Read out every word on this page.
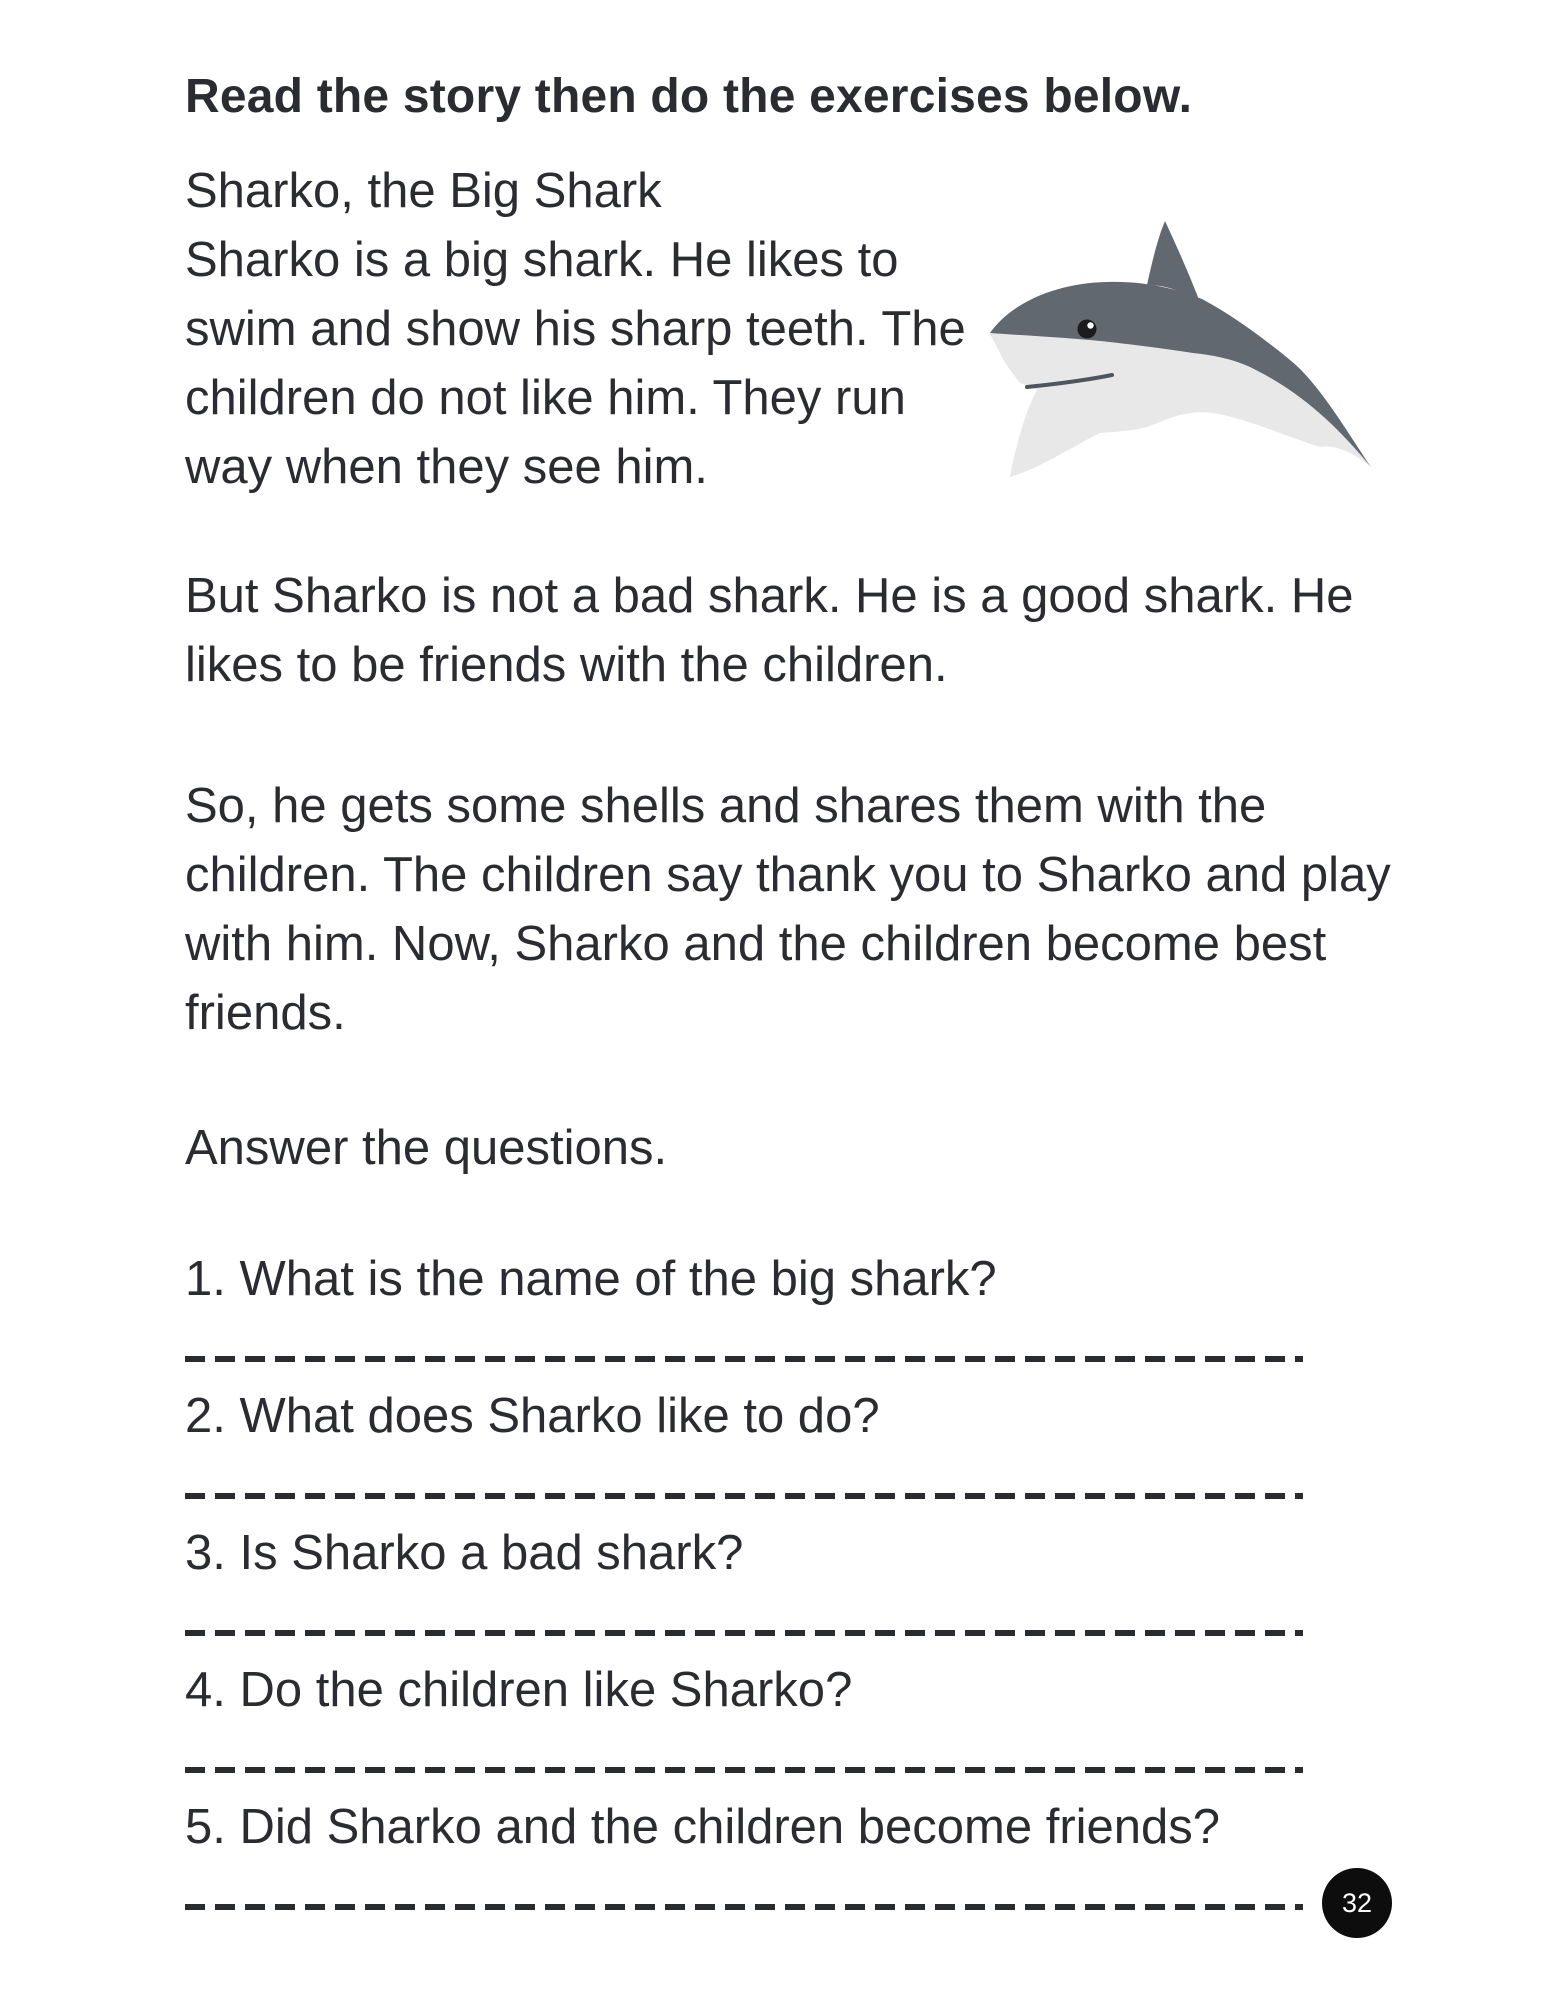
Read the story then do the exercises below.
Sharko, the Big Shark
Sharko is a big shark. He likes to swim and show his sharp teeth. The children do not like him. They run way when they see him.
But Sharko is not a bad shark. He is a good shark. He likes to be friends with the children.
So, he gets some shells and shares them with the children. The children say thank you to Sharko and play with him. Now, Sharko and the children become best friends.
Answer the questions.
1. What is the name of the big shark?
2. What does Sharko like to do?
3. Is Sharko a bad shark?
4. Do the children like Sharko?
5. Did Sharko and the children become friends?
32
